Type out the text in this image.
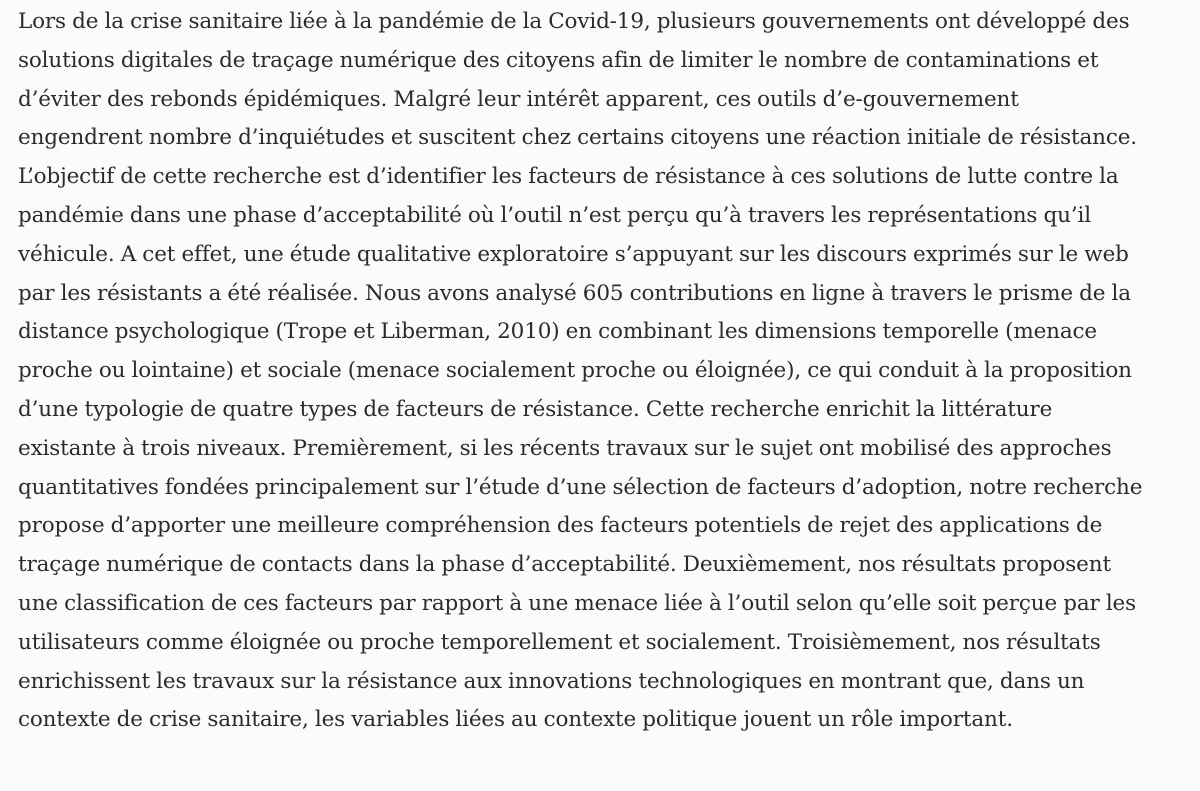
Lors de la crise sanitaire liée à la pandémie de la Covid-19, plusieurs gouvernements ont développé des
solutions digitales de traçage numérique des citoyens afin de limiter le nombre de contaminations et
d’éviter des rebonds épidémiques. Malgré leur intérêt apparent, ces outils d’e-gouvernement
engendrent nombre d’inquiétudes et suscitent chez certains citoyens une réaction initiale de résistance.
L’objectif de cette recherche est d’identifier les facteurs de résistance à ces solutions de lutte contre la
pandémie dans une phase d’acceptabilité où l’outil n’est perçu qu’à travers les représentations qu’il
véhicule. A cet effet, une étude qualitative exploratoire s’appuyant sur les discours exprimés sur le web
par les résistants a été réalisée. Nous avons analysé 605 contributions en ligne à travers le prisme de la
distance psychologique (Trope et Liberman, 2010) en combinant les dimensions temporelle (menace
proche ou lointaine) et sociale (menace socialement proche ou éloignée), ce qui conduit à la proposition
d’une typologie de quatre types de facteurs de résistance. Cette recherche enrichit la littérature
existante à trois niveaux. Premièrement, si les récents travaux sur le sujet ont mobilisé des approches
quantitatives fondées principalement sur l’étude d’une sélection de facteurs d’adoption, notre recherche
propose d’apporter une meilleure compréhension des facteurs potentiels de rejet des applications de
traçage numérique de contacts dans la phase d’acceptabilité. Deuxièmement, nos résultats proposent
une classification de ces facteurs par rapport à une menace liée à l’outil selon qu’elle soit perçue par les
utilisateurs comme éloignée ou proche temporellement et socialement. Troisièmement, nos résultats
enrichissent les travaux sur la résistance aux innovations technologiques en montrant que, dans un
contexte de crise sanitaire, les variables liées au contexte politique jouent un rôle important.
